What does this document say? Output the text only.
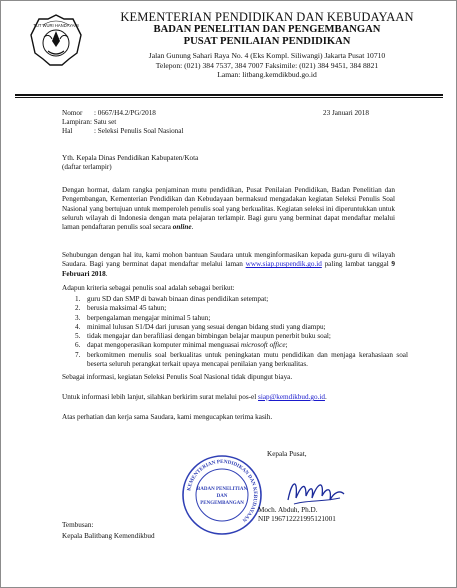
TUT WURI HANDAYANI
KEMENTERIAN PENDIDIKAN DAN KEBUDAYAAN
BADAN PENELITIAN DAN PENGEMBANGAN
PUSAT PENILAIAN PENDIDIKAN
Jalan Gunung Sahari Raya No. 4 (Eks Kompl. Siliwangi) Jakarta Pusat 10710
Telepon: (021) 384 7537, 384 7007 Faksimile: (021) 384 9451, 384 8821
Laman: litbang.kemdikbud.go.id
Nomor : 0667/H4.2/PG/2018	23 Januari 2018
Lampiran: Satu set
Hal	: Seleksi Penulis Soal Nasional
Yth. Kepala Dinas Pendidikan Kabupaten/Kota
(daftar terlampir)
Dengan hormat, dalam rangka penjaminan mutu pendidikan, Pusat Penilaian Pendidikan, Badan Penelitian dan Pengembangan, Kementerian Pendidikan dan Kebudayaan bermaksud mengadakan kegiatan Seleksi Penulis Soal Nasional yang bertujuan untuk memperoleh penulis soal yang berkualitas. Kegiatan seleksi ini diperuntukkan untuk seluruh wilayah di Indonesia dengan mata pelajaran terlampir. Bagi guru yang berminat dapat mendaftar melalui laman pendaftaran penulis soal secara online.
Sehubungan dengan hal itu, kami mohon bantuan Saudara untuk menginformasikan kepada guru-guru di wilayah Saudara. Bagi yang berminat dapat mendaftar melalui laman www.siap.puspendik.go.id paling lambat tanggal 9 Februari 2018.
Adapun kriteria sebagai penulis soal adalah sebagai berikut:
1. guru SD dan SMP di bawah binaan dinas pendidikan setempat;
2. berusia maksimal 45 tahun;
3. berpengalaman mengajar minimal 5 tahun;
4. minimal lulusan S1/D4 dari jurusan yang sesuai dengan bidang studi yang diampu;
5. tidak mengajar dan berafiliasi dengan bimbingan belajar maupun penerbit buku soal;
6. dapat mengoperasikan komputer minimal menguasai microsoft office;
7. berkomitmen menulis soal berkualitas untuk peningkatan mutu pendidikan dan menjaga kerahasiaan soal beserta seluruh perangkat terkait upaya mencapai penilaian yang berkualitas.
Sebagai informasi, kegiatan Seleksi Penulis Soal Nasional tidak dipungut biaya.
Untuk informasi lebih lanjut, silahkan berkirim surat melalui pos-el siap@kemdikbud.go.id.
Atas perhatian dan kerja sama Saudara, kami mengucapkan terima kasih.
KEMENTERIAN PENDIDIKAN DAN KEBUDAYAAN
BADAN PENELITIAN
DAN
PENGEMBANGAN
Kepala Pusat,
Moch. Abduh, Ph.D.
NIP 196712221995121001
Tembusan:
Kepala Balitbang Kemendikbud
